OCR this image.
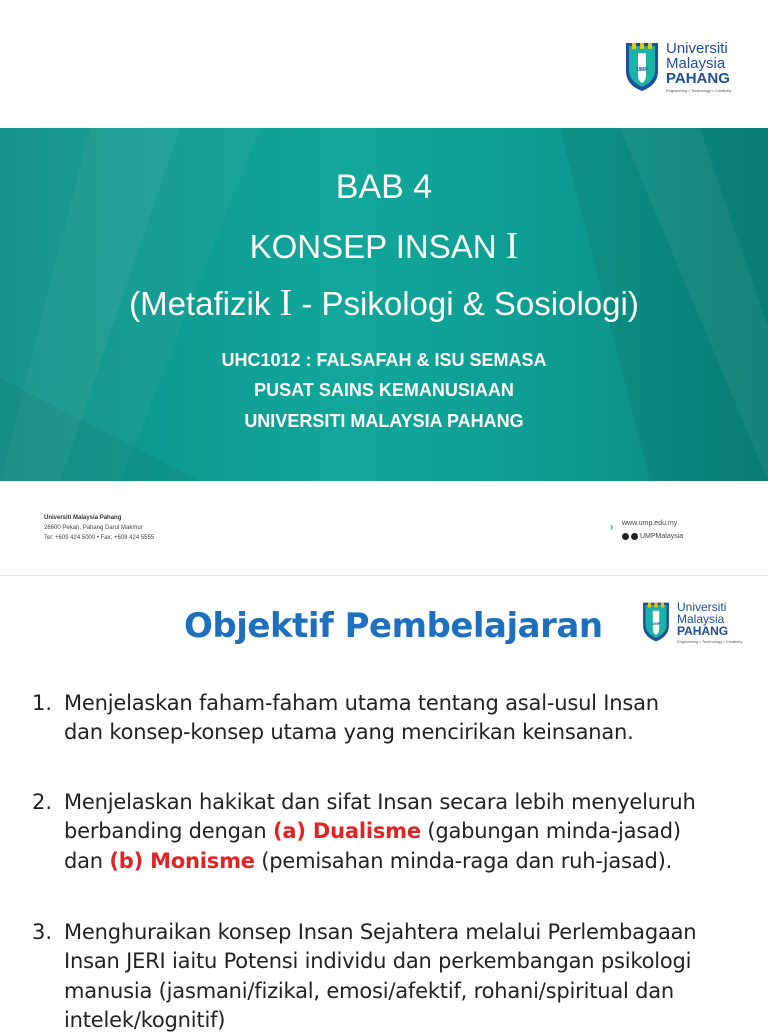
UMP
Universiti
Malaysia
PAHANG
Engineering • Technology • Creativity
BAB 4
KONSEP INSAN I
(Metafizik I - Psikologi & Sosiologi)
UHC1012 : FALSAFAH & ISU SEMASA
PUSAT SAINS KEMANUSIAAN
UNIVERSITI MALAYSIA PAHANG
Universiti Malaysia Pahang
26600 Pekan, Pahang Darul Makmur
Tel: +609 424 5000 • Fax: +609 424 5555
› www.ump.edu.my
UMPMalaysia
Objektif Pembelajaran	UMP
Universiti
Malaysia
PAHANG
Engineering • Technology • Creativity
1. Menjelaskan faham-faham utama tentang asal-usul Insan
dan konsep-konsep utama yang mencirikan keinsanan.
2. Menjelaskan hakikat dan sifat Insan secara lebih menyeluruh
berbanding dengan (a) Dualisme (gabungan minda-jasad)
dan (b) Monisme (pemisahan minda-raga dan ruh-jasad).
3. Menghuraikan konsep Insan Sejahtera melalui Perlembagaan
Insan JERI iaitu Potensi individu dan perkembangan psikologi
manusia (jasmani/fizikal, emosi/afektif, rohani/spiritual dan
intelek/kognitif)
